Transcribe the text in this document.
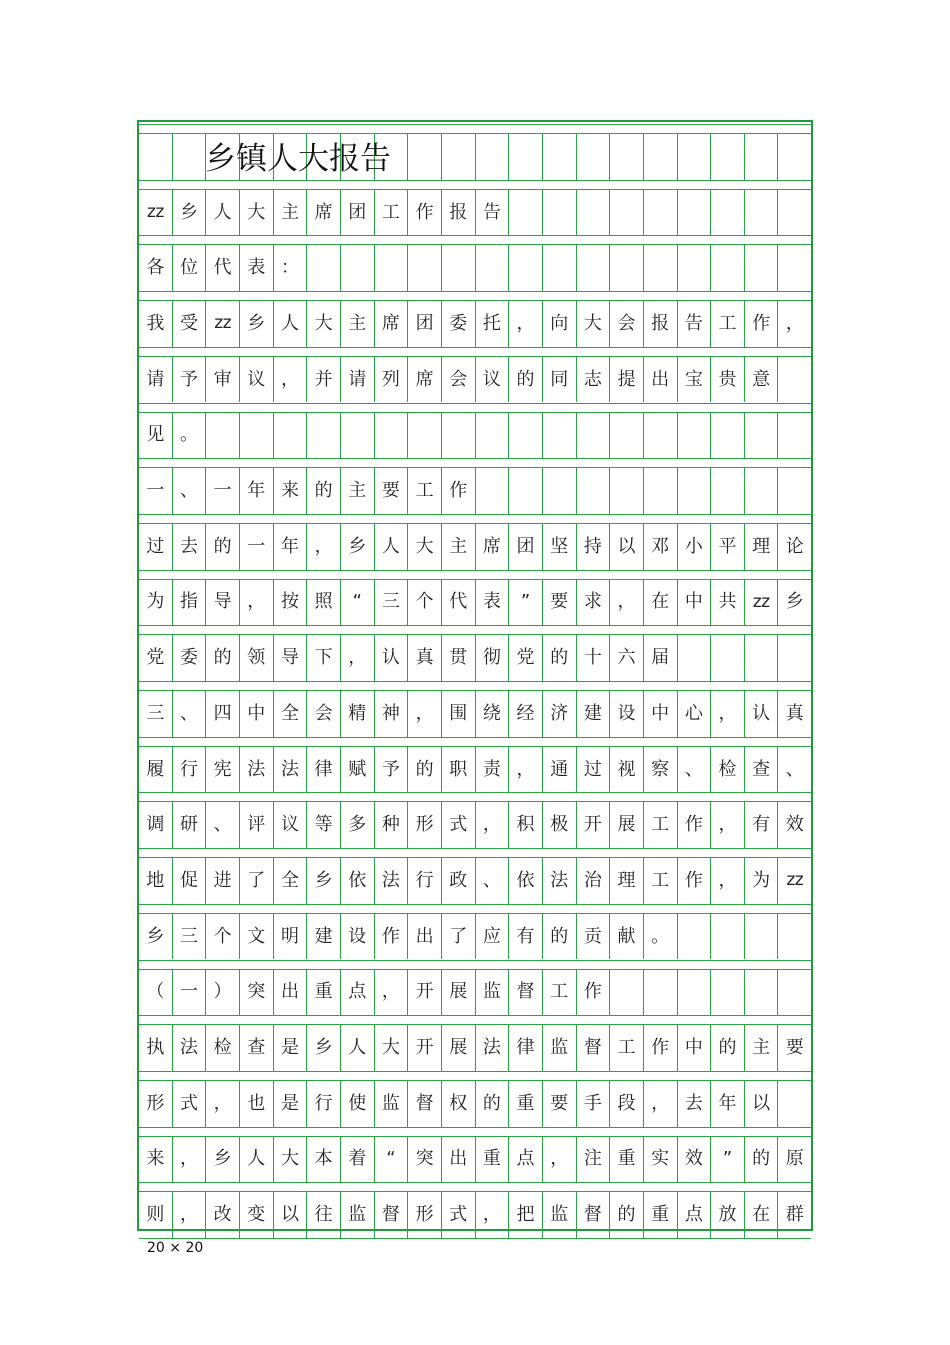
乡镇人大报告
zz 乡 人 大 主 席 团 工 作 报 告
各 位 代 表 ：
我 受 zz 乡 人 大 主 席 团 委 托 ， 向 大 会 报 告 工 作 ，
请 予 审 议 ， 并 请 列 席 会 议 的 同 志 提 出 宝 贵 意
见 。
一 、 一 年 来 的 主 要 工 作
过 去 的 一 年 ， 乡 人 大 主 席 团 坚 持 以 邓 小 平 理 论
为 指 导 ， 按 照	“	三 个 代 表	”	要 求 ， 在 中 共 zz 乡
党 委 的 领 导 下 ， 认 真 贯 彻 党 的 十 六 届
三 、 四 中 全 会 精 神 ， 围 绕 经 济 建 设 中 心 ， 认 真
履 行 宪 法 法 律 赋 予 的 职 责 ， 通 过 视 察 、 检 查 、
调 研 、 评 议 等 多 种 形 式 ， 积 极 开 展 工 作 ， 有 效
地 促 进 了 全 乡 依 法 行 政 、 依 法 治 理 工 作 ， 为 zz
乡 三 个 文 明 建 设 作 出 了 应 有 的 贡 献 。
（ 一 ） 突 出 重 点 ， 开 展 监 督 工 作
执 法 检 查 是 乡 人 大 开 展 法 律 监 督 工 作 中 的 主 要
形 式 ， 也 是 行 使 监 督 权 的 重 要 手 段 ， 去 年 以
来 ， 乡 人 大 本 着	“	突 出 重 点 ， 注 重 实 效	”	的 原
则 ， 改 变 以 往 监 督 形 式 ， 把 监 督 的 重 点 放 在 群
20 × 20
